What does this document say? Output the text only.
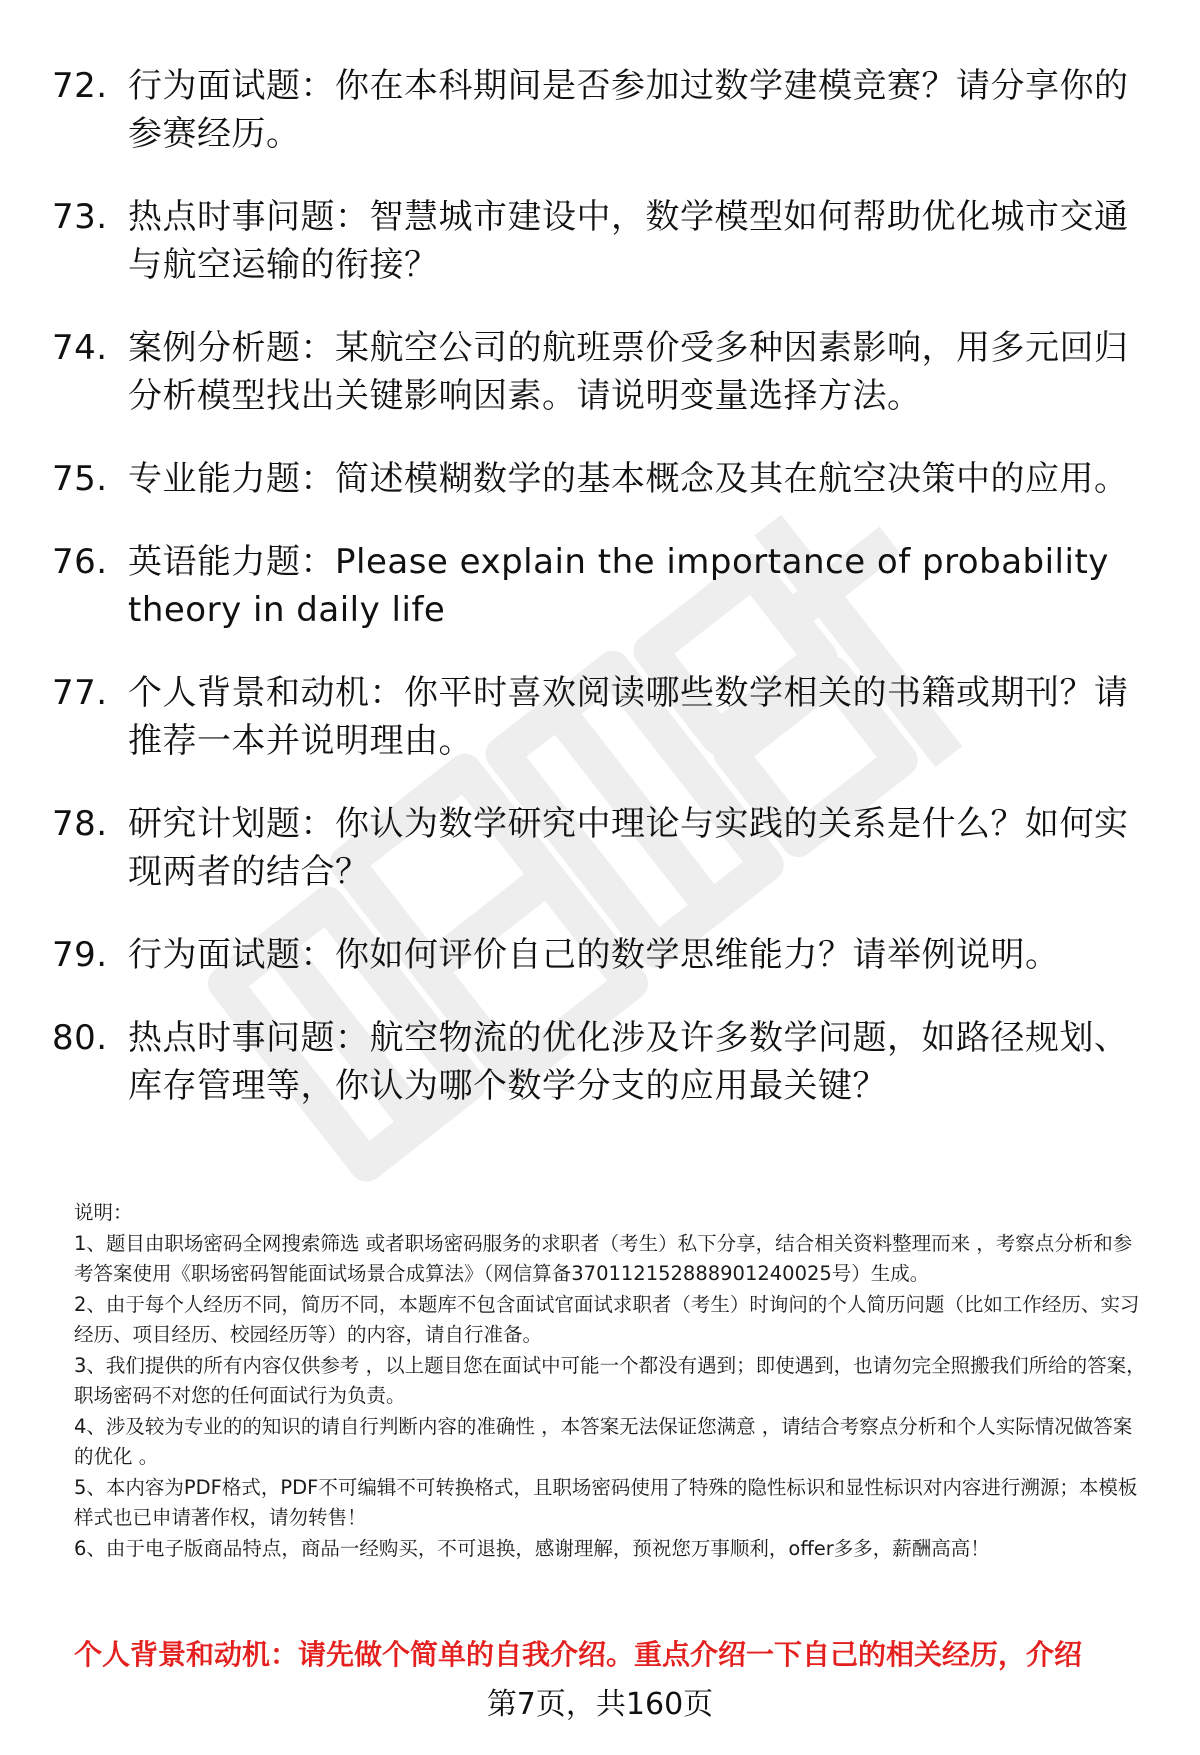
72. 行为面试题：你在本科期间是否参加过数学建模竞赛？请分享你的参赛经历。
73. 热点时事问题：智慧城市建设中，数学模型如何帮助优化城市交通与航空运输的衔接？
74. 案例分析题：某航空公司的航班票价受多种因素影响，用多元回归分析模型找出关键影响因素。请说明变量选择方法。
75. 专业能力题：简述模糊数学的基本概念及其在航空决策中的应用。
76. 英语能力题：Please explain the importance of probability theory in daily life
77. 个人背景和动机：你平时喜欢阅读哪些数学相关的书籍或期刊？请推荐一本并说明理由。
78. 研究计划题：你认为数学研究中理论与实践的关系是什么？如何实现两者的结合？
79. 行为面试题：你如何评价自己的数学思维能力？请举例说明。
80. 热点时事问题：航空物流的优化涉及许多数学问题，如路径规划、库存管理等，你认为哪个数学分支的应用最关键？

说明：

1、题目由职场密码全网搜索筛选 或者职场密码服务的求职者（考生）私下分享，结合相关资料整理而来 ，考察点分析和参考答案使用《职场密码智能面试场景合成算法》（网信算备370112152888901240025号）生成。

2、由于每个人经历不同，简历不同，本题库不包含面试官面试求职者（考生）时询问的个人简历问题（比如工作经历、实习经历、项目经历、校园经历等）的内容，请自行准备。

3、我们提供的所有内容仅供参考 ，以上题目您在面试中可能一个都没有遇到；即使遇到，也请勿完全照搬我们所给的答案，职场密码不对您的任何面试行为负责。

4、涉及较为专业的的知识的请自行判断内容的准确性 ，本答案无法保证您满意 ，请结合考察点分析和个人实际情况做答案的优化 。

5、本内容为PDF格式，PDF不可编辑不可转换格式，且职场密码使用了特殊的隐性标识和显性标识对内容进行溯源；本模板样式也已申请著作权，请勿转售！

6、由于电子版商品特点，商品一经购买，不可退换，感谢理解，预祝您万事顺利，offer多多，薪酬高高！

个人背景和动机：请先做个简单的自我介绍。重点介绍一下自己的相关经历，介绍
第7页，共160页
